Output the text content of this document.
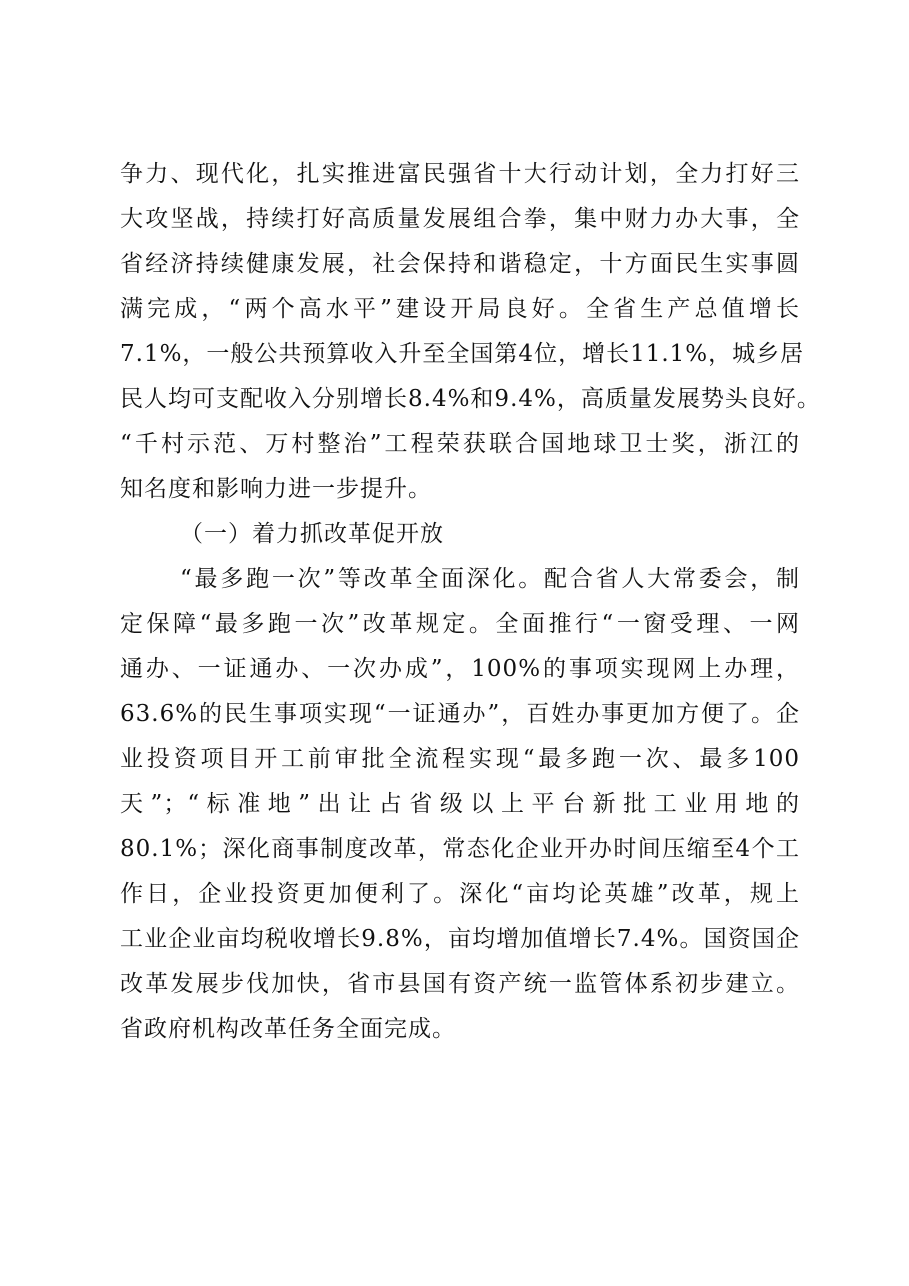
争力、现代化，扎实推进富民强省十大行动计划，全力打好三
大攻坚战，持续打好高质量发展组合拳，集中财力办大事，全
省经济持续健康发展，社会保持和谐稳定，十方面民生实事圆
满完成，“两个高水平”建设开局良好。全省生产总值增长
7.1%，一般公共预算收入升至全国第4位，增长11.1%，城乡居
民人均可支配收入分别增长8.4%和9.4%，高质量发展势头良好。
“千村示范、万村整治”工程荣获联合国地球卫士奖，浙江的
知名度和影响力进一步提升。
（一）着力抓改革促开放
“最多跑一次”等改革全面深化。配合省人大常委会，制
定保障“最多跑一次”改革规定。全面推行“一窗受理、一网
通办、一证通办、一次办成”，100%的事项实现网上办理，
63.6%的民生事项实现“一证通办”，百姓办事更加方便了。企
业投资项目开工前审批全流程实现“最多跑一次、最多100
天”；“标准地”出让占省级以上平台新批工业用地的
80.1%；深化商事制度改革，常态化企业开办时间压缩至4个工
作日，企业投资更加便利了。深化“亩均论英雄”改革，规上
工业企业亩均税收增长9.8%，亩均增加值增长7.4%。国资国企
改革发展步伐加快，省市县国有资产统一监管体系初步建立。
省政府机构改革任务全面完成。
